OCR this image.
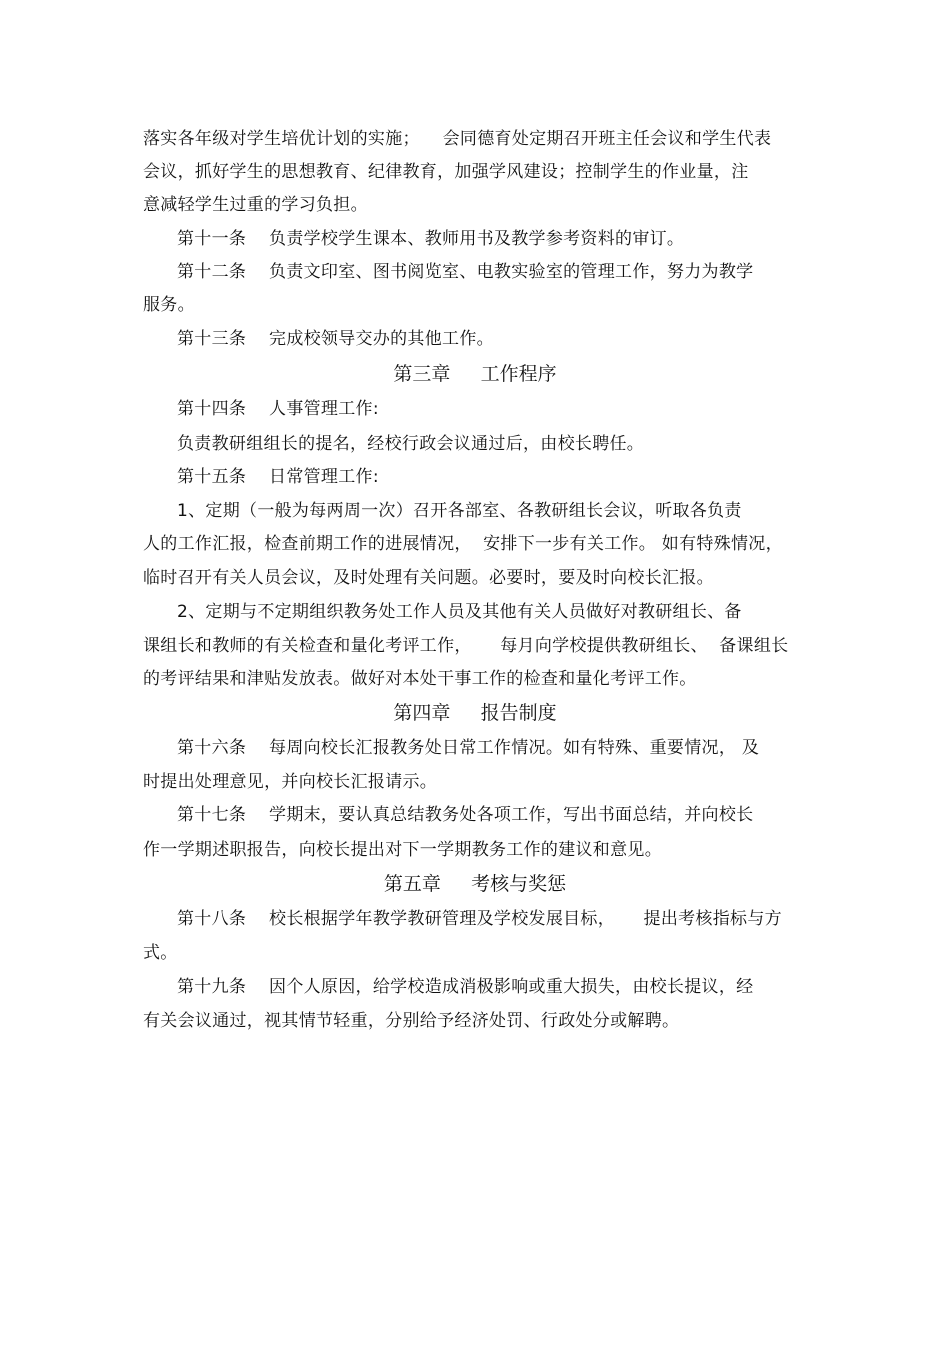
落实各年级对学生培优计划的实施；    会同德育处定期召开班主任会议和学生代表
会议，抓好学生的思想教育、纪律教育，加强学风建设；控制学生的作业量，注
意减轻学生过重的学习负担。
第十一条    负责学校学生课本、教师用书及教学参考资料的审订。
第十二条    负责文印室、图书阅览室、电教实验室的管理工作，努力为教学
服务。
第十三条    完成校领导交办的其他工作。
第三章     工作程序
第十四条    人事管理工作:
负责教研组组长的提名，经校行政会议通过后，由校长聘任。
第十五条    日常管理工作:
1、定期（一般为每两周一次）召开各部室、各教研组长会议，听取各负责
人的工作汇报，检查前期工作的进展情况，  安排下一步有关工作。 如有特殊情况，
临时召开有关人员会议，及时处理有关问题。必要时，要及时向校长汇报。
2、定期与不定期组织教务处工作人员及其他有关人员做好对教研组长、备
课组长和教师的有关检查和量化考评工作，     每月向学校提供教研组长、  备课组长
的考评结果和津贴发放表。做好对本处干事工作的检查和量化考评工作。
第四章     报告制度
第十六条    每周向校长汇报教务处日常工作情况。如有特殊、重要情况， 及
时提出处理意见，并向校长汇报请示。
第十七条    学期末，要认真总结教务处各项工作，写出书面总结，并向校长
作一学期述职报告，向校长提出对下一学期教务工作的建议和意见。
第五章     考核与奖惩
第十八条    校长根据学年教学教研管理及学校发展目标，     提出考核指标与方
式。
第十九条    因个人原因，给学校造成消极影响或重大损失，由校长提议，经
有关会议通过，视其情节轻重，分别给予经济处罚、行政处分或解聘。
